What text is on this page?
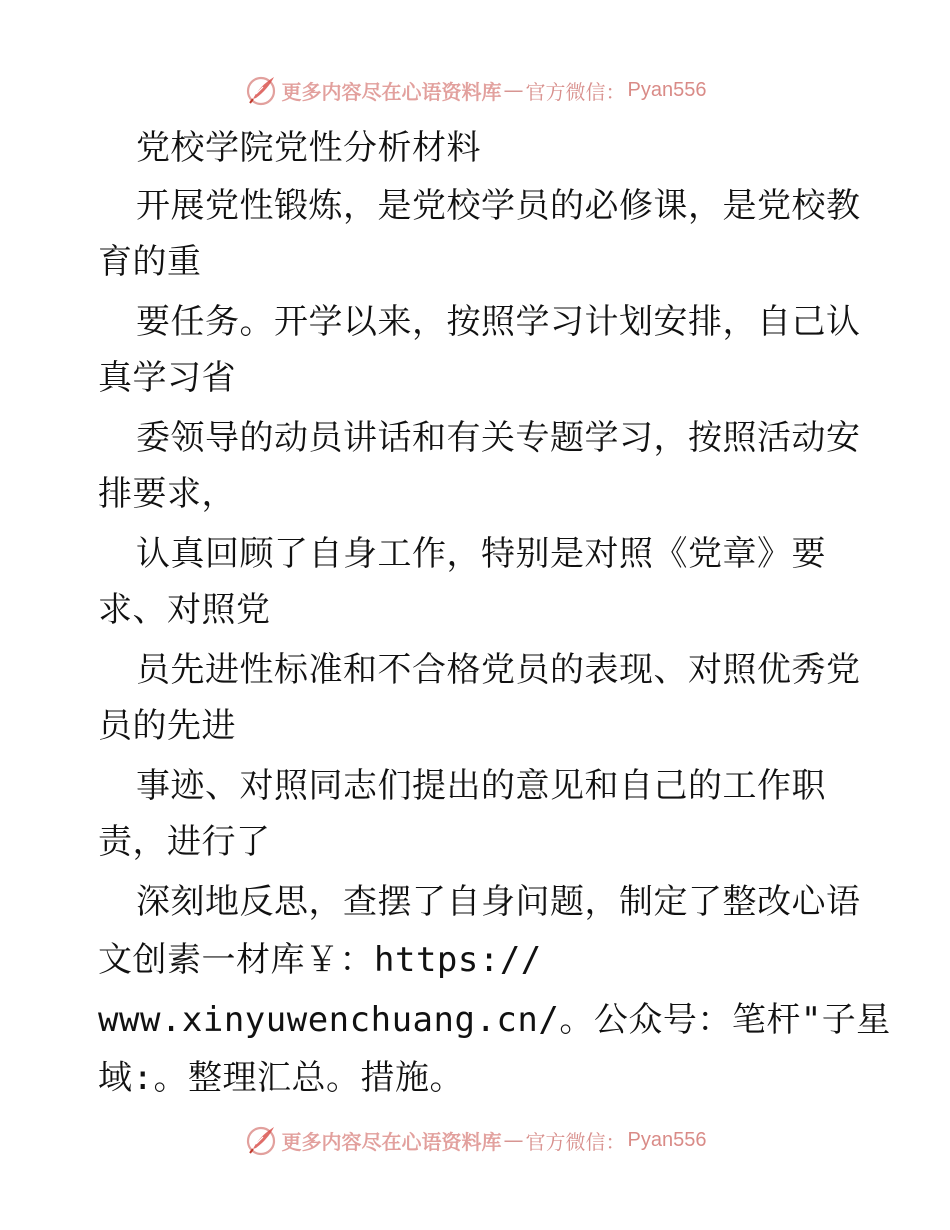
更多内容尽在心语资料库 — 官方微信： Pyan556
党校学院党性分析材料
开展党性锻炼，是党校学员的必修课，是党校教
育的重
要任务。开学以来，按照学习计划安排，自己认
真学习省
委领导的动员讲话和有关专题学习，按照活动安
排要求，
认真回顾了自身工作，特别是对照《党章》要
求、对照党
员先进性标准和不合格党员的表现、对照优秀党
员的先进
事迹、对照同志们提出的意见和自己的工作职
责，进行了
深刻地反思，查摆了自身问题，制定了整改心语
文创素一材库￥：https://
www.xinyuwenchuang.cn/。公众号：笔杆"子星
域:。整理汇总。措施。
更多内容尽在心语资料库 — 官方微信： Pyan556
